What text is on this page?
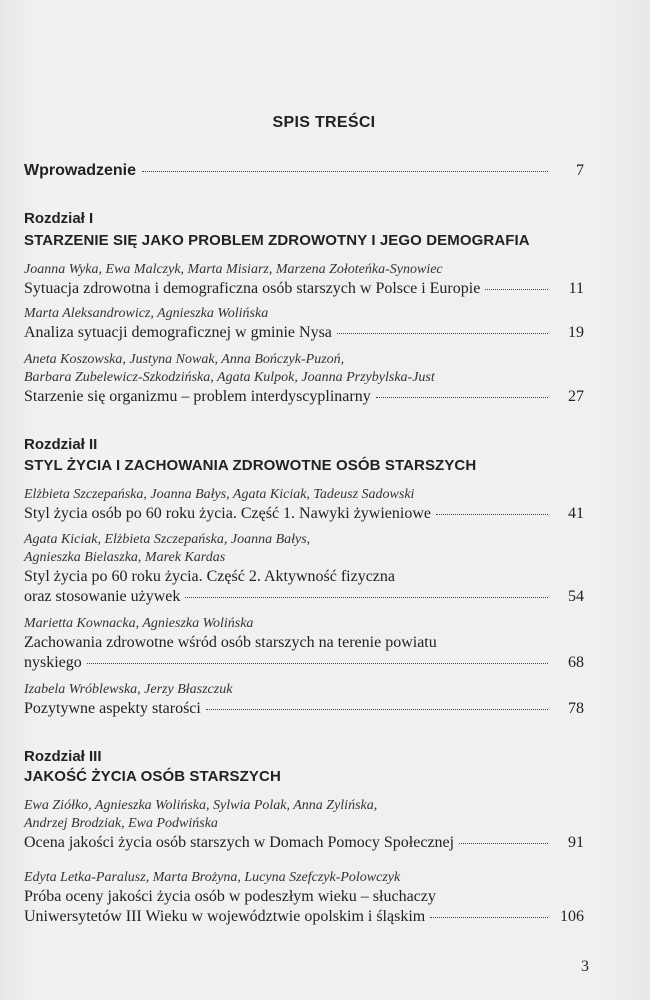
SPIS TREŚCI
Wprowadzenie	7
Rozdział I
STARZENIE SIĘ JAKO PROBLEM ZDROWOTNY I JEGO DEMOGRAFIA
Joanna Wyka, Ewa Malczyk, Marta Misiarz, Marzena Zołoteńka-Synowiec
Sytuacja zdrowotna i demograficzna osób starszych w Polsce i Europie	11
Marta Aleksandrowicz, Agnieszka Wolińska
Analiza sytuacji demograficznej w gminie Nysa	19
Aneta Koszowska, Justyna Nowak, Anna Bończyk-Puzoń,
Barbara Zubelewicz-Szkodzińska, Agata Kulpok, Joanna Przybylska-Just
Starzenie się organizmu – problem interdyscyplinarny	27
Rozdział II
STYL ŻYCIA I ZACHOWANIA ZDROWOTNE OSÓB STARSZYCH
Elżbieta Szczepańska, Joanna Bałys, Agata Kiciak, Tadeusz Sadowski
Styl życia osób po 60 roku życia. Część 1. Nawyki żywieniowe	41
Agata Kiciak, Elżbieta Szczepańska, Joanna Bałys,
Agnieszka Bielaszka, Marek Kardas
Styl życia po 60 roku życia. Część 2. Aktywność fizyczna
oraz stosowanie używek	54
Marietta Kownacka, Agnieszka Wolińska
Zachowania zdrowotne wśród osób starszych na terenie powiatu
nyskiego	68
Izabela Wróblewska, Jerzy Błaszczuk
Pozytywne aspekty starości	78
Rozdział III
JAKOŚĆ ŻYCIA OSÓB STARSZYCH
Ewa Ziółko, Agnieszka Wolińska, Sylwia Polak, Anna Zylińska,
Andrzej Brodziak, Ewa Podwińska
Ocena jakości życia osób starszych w Domach Pomocy Społecznej	91
Edyta Letka-Paralusz, Marta Brożyna, Lucyna Szefczyk-Polowczyk
Próba oceny jakości życia osób w podeszłym wieku – słuchaczy
Uniwersytetów III Wieku w województwie opolskim i śląskim	106
3
